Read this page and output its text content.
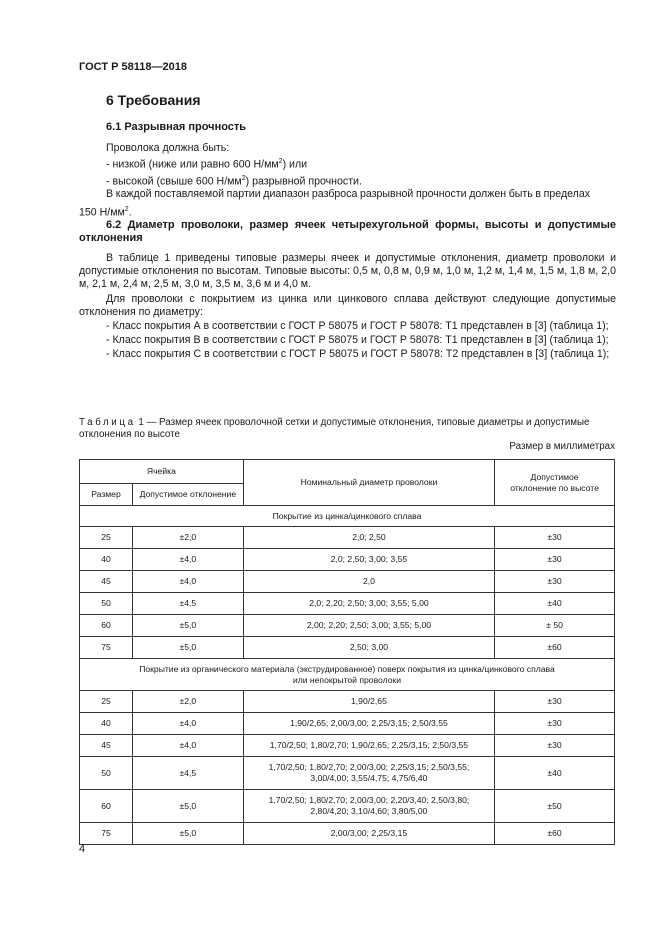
ГОСТ Р 58118—2018
6 Требования
6.1 Разрывная прочность
Проволока должна быть:
- низкой (ниже или равно 600 $Н/мм^2$) или
- высокой (свыше 600 $Н/мм^2$) разрывной прочности.
В каждой поставляемой партии диапазон разброса разрывной прочности должен быть в пределах
150 $Н/мм^2$.
6.2 Диаметр проволоки, размер ячеек четырехугольной формы, высоты и допустимые отклонения

В таблице 1 приведены типовые размеры ячеек и допустимые отклонения, диаметр проволоки и допустимые отклонения по высотам. Типовые высоты: 0,5 м, 0,8 м, 0,9 м, 1,0 м, 1,2 м, 1,4 м, 1,5 м, 1,8 м, 2,0 м, 2,1 м, 2,4 м, 2,5 м, 3,0 м, 3,5 м, 3,6 м и 4,0 м.

Для проволоки с покрытием из цинка или цинкового сплава действуют следующие допустимые отклонения по диаметру:

- Класс покрытия А в соответствии с ГОСТ Р 58075 и ГОСТ Р 58078: Т1 представлен в [3] (таблица 1);

- Класс покрытия В в соответствии с ГОСТ Р 58075 и ГОСТ Р 58078: Т1 представлен в [3] (таблица 1);

- Класс покрытия С в соответствии с ГОСТ Р 58075 и ГОСТ Р 58078: Т2 представлен в [3] (таблица 1);

Таблица 1 — Размер ячеек проволочной сетки и допустимые отклонения, типовые диаметры и допустимые отклонения по высоте
Размер в миллиметрах
Ячейка		Номинальный диаметр проволоки	Допустимое отклонение по высоте
Размер	Допустимое отклонение		
Покрытие из цинка/цинкового сплава			
25	±2,0	2,0; 2,50	±30
40	±4,0	2,0; 2,50; 3,00; 3,55	±30
45	±4,0	2,0	±30
50	±4,5	2,0; 2,20; 2,50; 3,00; 3,55; 5,00	±40
60	±5,0	2,00; 2,20; 2,50; 3,00; 3,55; 5,00	± 50
75	±5,0	2,50; 3,00	±60

Покрытие из органического материала (экструдированное) поверх покрытия из цинка/цинкового сплава
или непокрытой проволоки			

25	±2,0	1,90/2,65	±30
40	±4,0	1,90/2,65; 2,00/3,00; 2,25/3,15; 2,50/3,55	±30
45	±4,0	1,70/2,50; 1,80/2,70; 1,90/2,65; 2,25/3,15; 2,50/3,55	±30
50	±4,5	1,70/2,50; 1,80/2,70; 2,00/3,00; 2,25/3,15; 2,50/3,55; 3,00/4,00; 3,55/4,75; 4,75/6,40	±40
60	±5,0	1,70/2,50; 1,80/2,70; 2,00/3,00; 2,20/3,40; 2,50/3,80; 2,80/4,20; 3,10/4,60; 3,80/5,00	±50
75	±5,0	2,00/3,00; 2,25/3,15	±60
4
